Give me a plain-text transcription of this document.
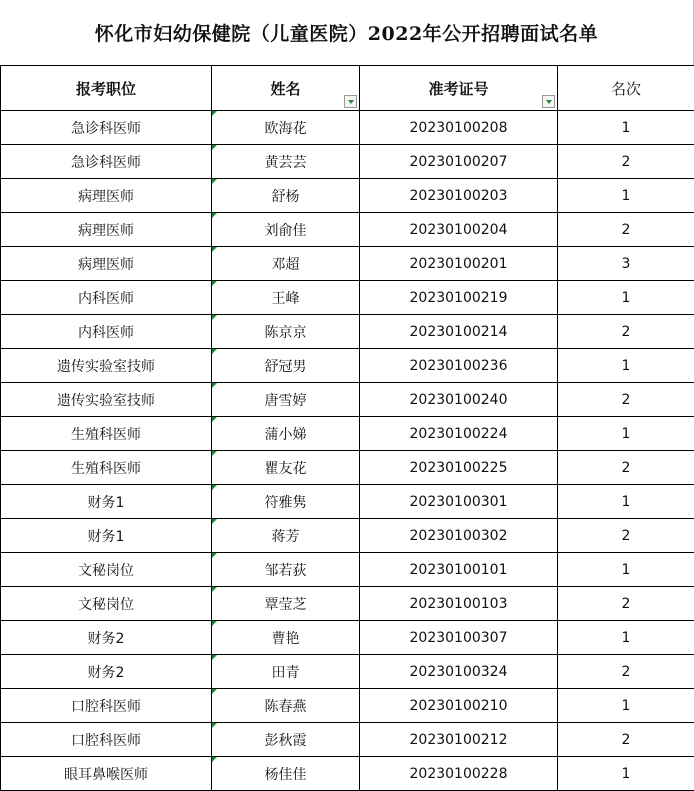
怀化市妇幼保健院（儿童医院）2022年公开招聘面试名单
报考职位	姓名	准考证号	名次
急诊科医师	欧海花	20230100208	1
急诊科医师	黄芸芸	20230100207	2
病理医师	舒杨	20230100203	1
病理医师	刘俞佳	20230100204	2
病理医师	邓超	20230100201	3
内科医师	王峰	20230100219	1
内科医师	陈京京	20230100214	2
遗传实验室技师	舒冠男	20230100236	1
遗传实验室技师	唐雪婷	20230100240	2
生殖科医师	蒲小娣	20230100224	1
生殖科医师	瞿友花	20230100225	2
财务1	符雅隽	20230100301	1
财务1	蒋芳	20230100302	2
文秘岗位	邹若荻	20230100101	1
文秘岗位	覃莹芝	20230100103	2
财务2	曹艳	20230100307	1
财务2	田青	20230100324	2
口腔科医师	陈春燕	20230100210	1
口腔科医师	彭秋霞	20230100212	2
眼耳鼻喉医师	杨佳佳	20230100228	1
